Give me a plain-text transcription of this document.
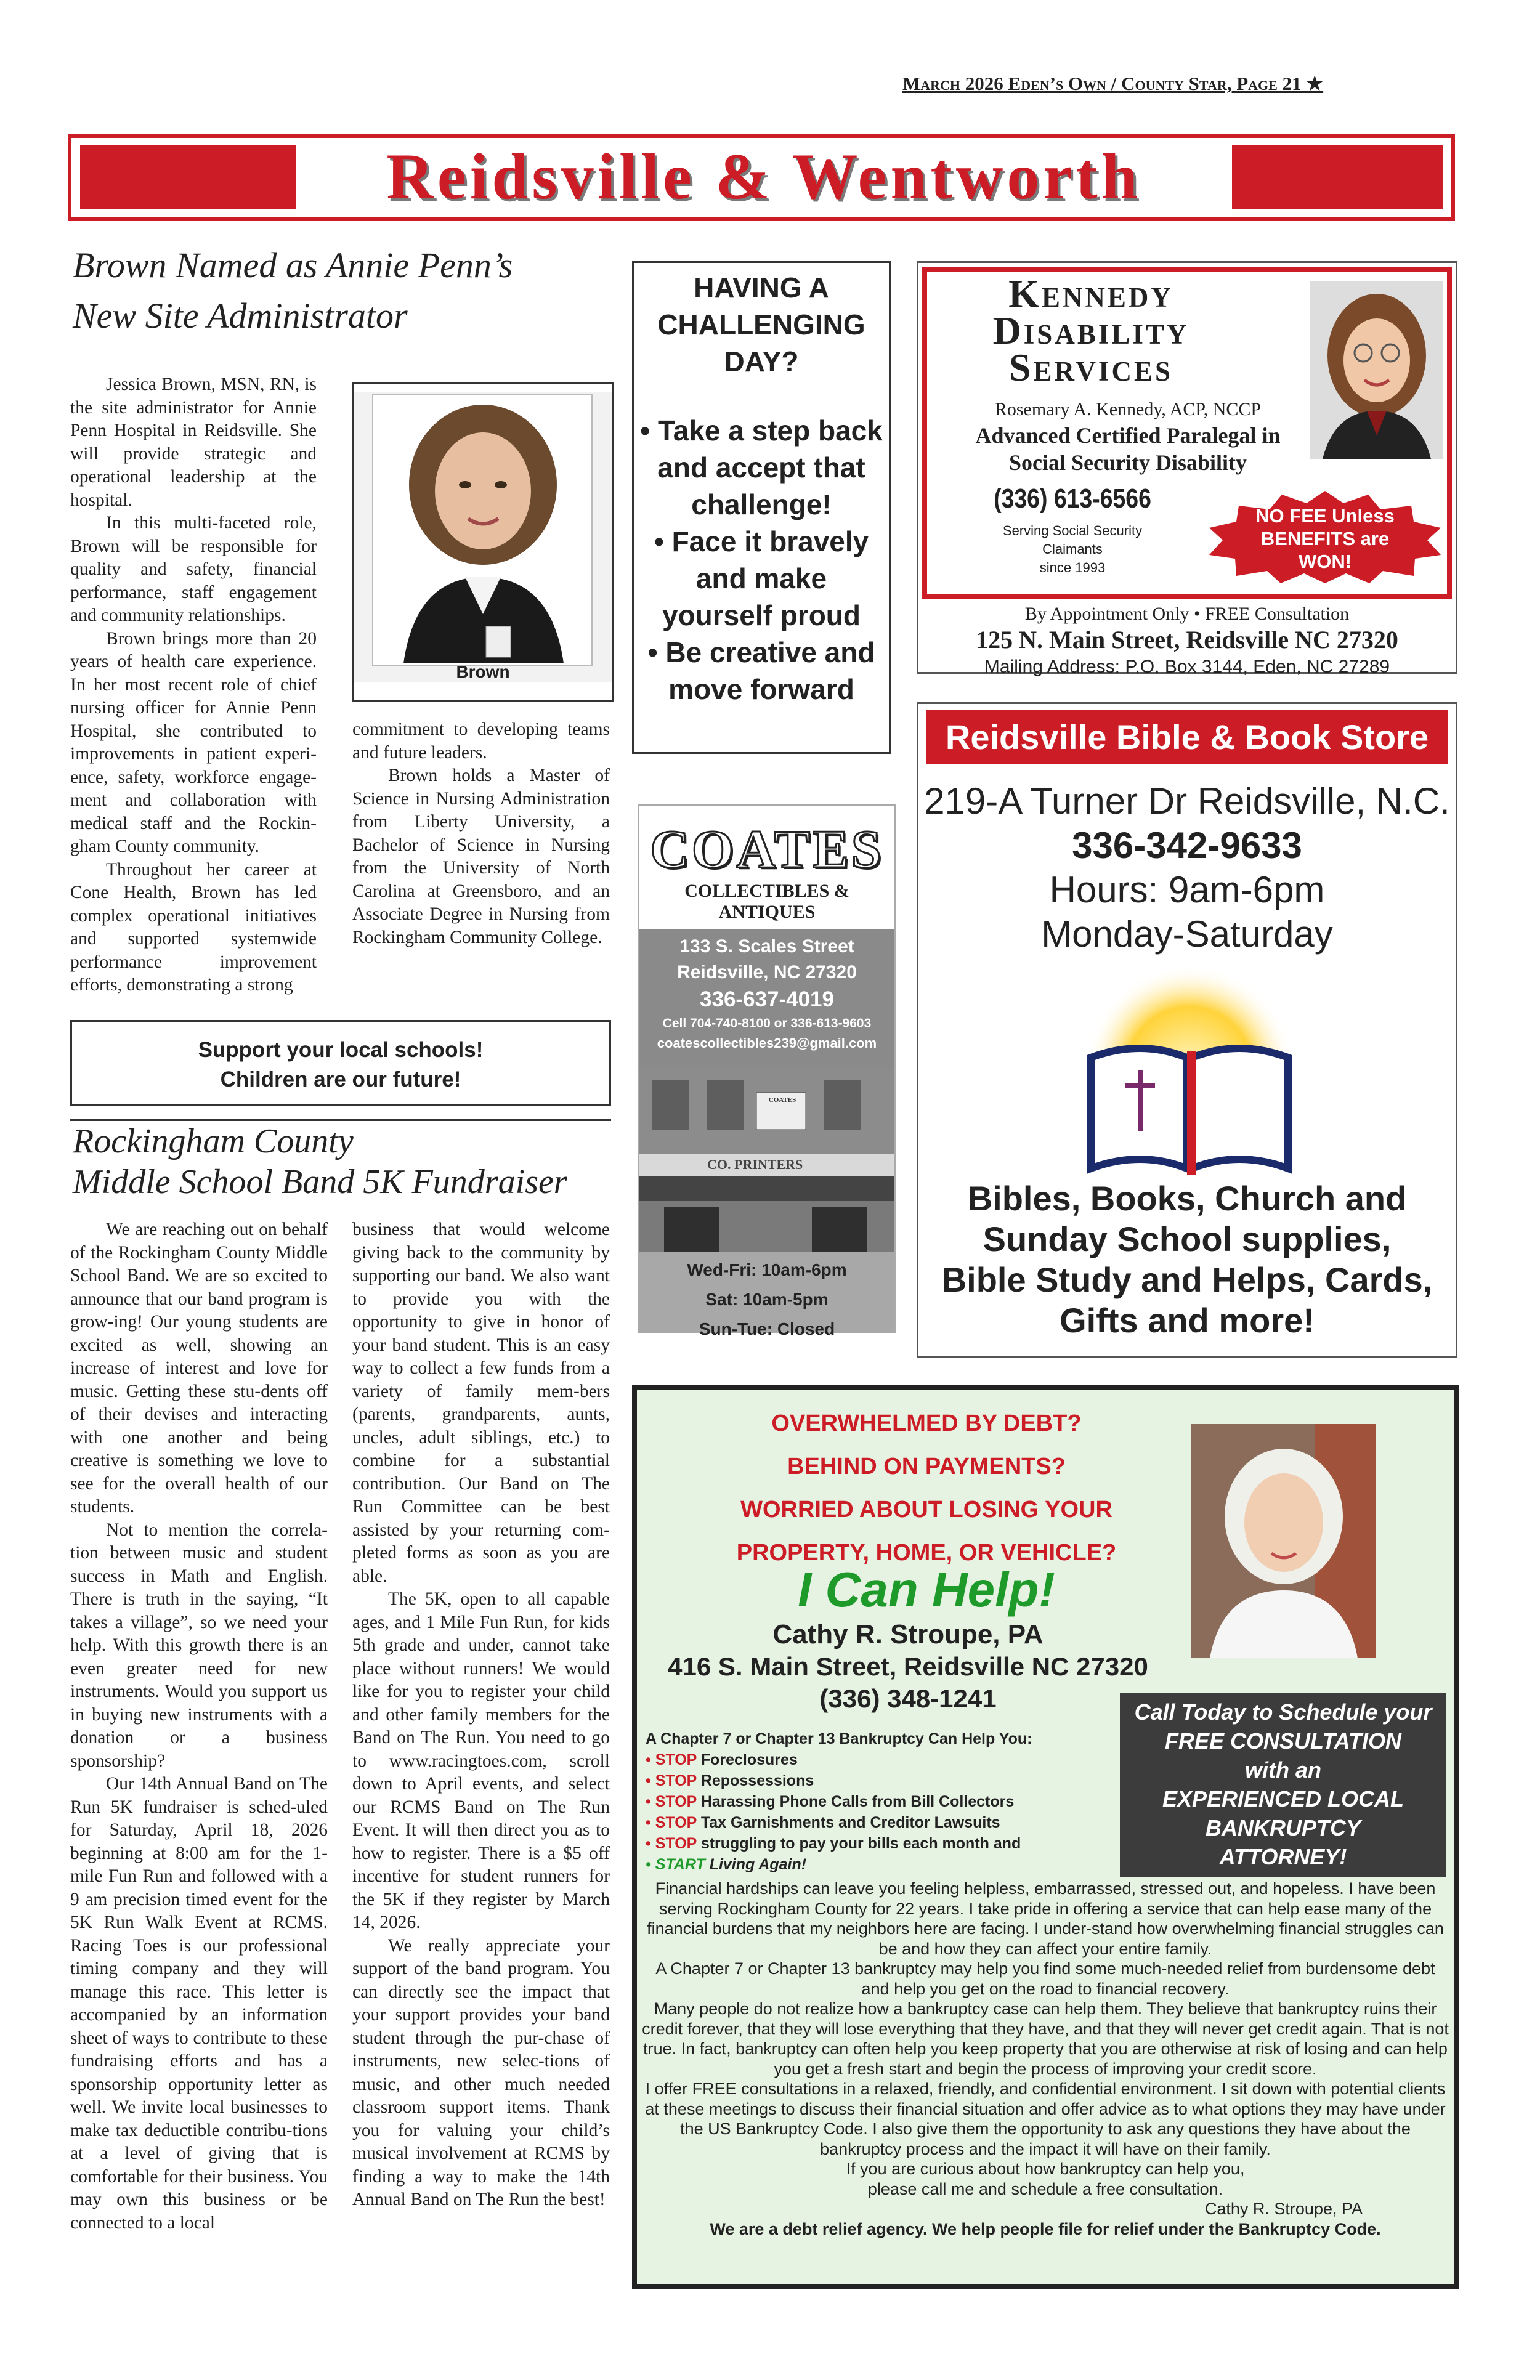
March 2026 Eden’s Own / County Star, Page 21 ★
Reidsville & Wentworth
Brown Named as Annie Penn’s
New Site Administrator

Jessica Brown, MSN, RN, is the site administrator for Annie Penn Hospital in Reidsville. She will provide strategic and operational leadership at the hospital.

In this multi-faceted role, Brown will be responsible for quality and safety, financial performance, staff engagement and community relationships.

Brown brings more than 20 years of health care experience. In her most recent role of chief nursing officer for Annie Penn Hospital, she contributed to improvements in patient experi-ence, safety, workforce engage-ment and collaboration with medical staff and the Rockin-gham County community.

Throughout her career at Cone Health, Brown has led complex operational initiatives and supported systemwide performance improvement efforts, demonstrating a strong

Brown

commitment to developing teams and future leaders.

Brown holds a Master of Science in Nursing Administration from Liberty University, a Bachelor of Science in Nursing from the University of North Carolina at Greensboro, and an Associate Degree in Nursing from Rockingham Community College.

Support your local schools!
Children are our future!
Rockingham County
Middle School Band 5K Fundraiser

We are reaching out on behalf of the Rockingham County Middle School Band. We are so excited to announce that our band program is grow-ing! Our young students are excited as well, showing an increase of interest and love for music. Getting these stu-dents off of their devises and interacting with one another and being creative is something we love to see for the overall health of our students.

Not to mention the correla-tion between music and student success in Math and English. There is truth in the saying, “It takes a village”, so we need your help. With this growth there is an even greater need for new instruments. Would you support us in buying new instruments with a donation or a business sponsorship?

Our 14th Annual Band on The Run 5K fundraiser is sched-uled for Saturday, April 18, 2026 beginning at 8:00 am for the 1-mile Fun Run and followed with a 9 am precision timed event for the 5K Run Walk Event at RCMS. Racing Toes is our professional timing company and they will manage this race. This letter is accompanied by an information sheet of ways to contribute to these fundraising efforts and has a sponsorship opportunity letter as well. We invite local businesses to make tax deductible contribu-tions at a level of giving that is comfortable for their business. You may own this business or be connected to a local

business that would welcome giving back to the community by supporting our band. We also want to provide you with the opportunity to give in honor of your band student. This is an easy way to collect a few funds from a variety of family mem-bers (parents, grandparents, aunts, uncles, adult siblings, etc.) to combine for a substantial contribution. Our Band on The Run Committee can be best assisted by your returning com-pleted forms as soon as you are able.

The 5K, open to all capable ages, and 1 Mile Fun Run, for kids 5th grade and under, cannot take place without runners! We would like for you to register your child and other family members for the Band on The Run. You need to go to www.racingtoes.com, scroll down to April events, and select our RCMS Band on The Run Event. It will then direct you as to how to register. There is a $5 off incentive for student runners for the 5K if they register by March 14, 2026.

We really appreciate your support of the band program. You can directly see the impact that your support provides your band student through the pur-chase of instruments, new selec-tions of music, and other much needed classroom support items. Thank you for valuing your child’s musical involvement at RCMS by finding a way to make the 14th Annual Band on The Run the best!

HAVING A
CHALLENGING
DAY?
• Take a step back and accept that challenge!
• Face it bravely and make yourself proud
• Be creative and move forward
COATES
COLLECTIBLES & ANTIQUES
133 S. Scales Street
Reidsville, NC 27320
336-637-4019
Cell 704-740-8100 or 336-613-9603
coatescollectibles239@gmail.com
COATES
CO. PRINTERS
Wed-Fri: 10am-6pm
Sat: 10am-5pm
Sun-Tue: Closed
Kennedy
Disability
Services
Rosemary A. Kennedy, ACP, NCCP
Advanced Certified Paralegal in
Social Security Disability
(336) 613-6566
Serving Social Security
Claimants
since 1993
NO FEE Unless
BENEFITS are
WON!
By Appointment Only • FREE Consultation
125 N. Main Street, Reidsville NC 27320
Mailing Address: P.O. Box 3144, Eden, NC 27289
Reidsville Bible & Book Store
219-A Turner Dr Reidsville, N.C.
336-342-9633
Hours: 9am-6pm
Monday-Saturday
Bibles, Books, Church and
Sunday School supplies,
Bible Study and Helps, Cards,
Gifts and more!
OVERWHELMED BY DEBT?
BEHIND ON PAYMENTS?
WORRIED ABOUT LOSING YOUR
PROPERTY, HOME, OR VEHICLE?
I Can Help!
Cathy R. Stroupe, PA
416 S. Main Street, Reidsville NC 27320
(336) 348-1241	Call Today to Schedule your
FREE CONSULTATION
with an
EXPERIENCED LOCAL
BANKRUPTCY
ATTORNEY!
A Chapter 7 or Chapter 13 Bankruptcy Can Help You:
• STOP Foreclosures
• STOP Repossessions
• STOP Harassing Phone Calls from Bill Collectors
• STOP Tax Garnishments and Creditor Lawsuits
• STOP struggling to pay your bills each month and
• START Living Again!
Financial hardships can leave you feeling helpless, embarrassed, stressed out, and hopeless. I have been serving Rockingham County for 22 years. I take pride in offering a service that can help ease many of the financial burdens that my neighbors here are facing. I under-stand how overwhelming financial struggles can be and how they can affect your entire family.
A Chapter 7 or Chapter 13 bankruptcy may help you find some much-needed relief from burdensome debt and help you get on the road to financial recovery.
Many people do not realize how a bankruptcy case can help them. They believe that bankruptcy ruins their credit forever, that they will lose everything that they have, and that they will never get credit again. That is not true. In fact, bankruptcy can often help you keep property that you are otherwise at risk of losing and can help you get a fresh start and begin the process of improving your credit score.
I offer FREE consultations in a relaxed, friendly, and confidential environment. I sit down with potential clients at these meetings to discuss their financial situation and offer advice as to what options they may have under the US Bankruptcy Code. I also give them the opportunity to ask any questions they have about the bankruptcy process and the impact it will have on their family.
If you are curious about how bankruptcy can help you,
please call me and schedule a free consultation.
Cathy R. Stroupe, PA
We are a debt relief agency. We help people file for relief under the Bankruptcy Code.
